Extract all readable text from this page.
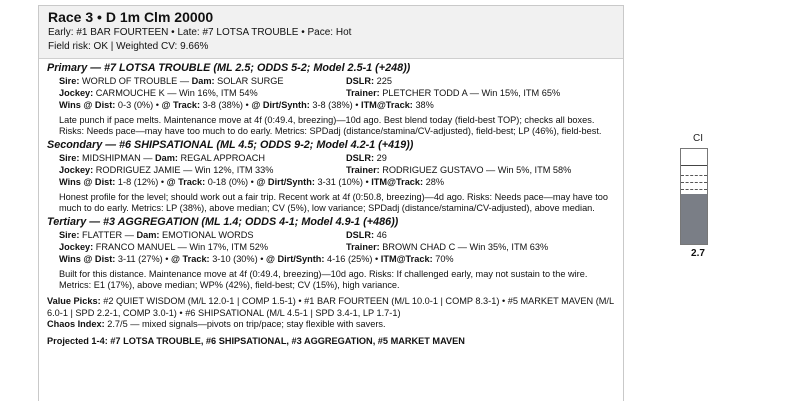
Race 3 • D 1m Clm 20000
Early: #1 BAR FOURTEEN • Late: #7 LOTSA TROUBLE • Pace: Hot
Field risk: OK | Weighted CV: 9.66%
Primary — #7 LOTSA TROUBLE (ML 2.5; ODDS 5-2; Model 2.5-1 (+248))
Sire: WORLD OF TROUBLE — Dam: SOLAR SURGE	DSLR: 225
Jockey: CARMOUCHE K — Win 16%, ITM 54%	Trainer: PLETCHER TODD A — Win 15%, ITM 65%
Wins @ Dist: 0-3 (0%) • @ Track: 3-8 (38%) • @ Dirt/Synth: 3-8 (38%) • ITM@Track: 38%
Late punch if pace melts. Maintenance move at 4f (0:49.4, breezing)—10d ago. Best blend today (field-best TOP); checks all boxes. Risks: Needs pace—may have too much to do early. Metrics: SPDadj (distance/stamina/CV-adjusted), field-best; LP (46%), field-best.
Secondary — #6 SHIPSATIONAL (ML 4.5; ODDS 9-2; Model 4.2-1 (+419))
Sire: MIDSHIPMAN — Dam: REGAL APPROACH	DSLR: 29
Jockey: RODRIGUEZ JAMIE — Win 12%, ITM 33%	Trainer: RODRIGUEZ GUSTAVO — Win 5%, ITM 58%
Wins @ Dist: 1-8 (12%) • @ Track: 0-18 (0%) • @ Dirt/Synth: 3-31 (10%) • ITM@Track: 28%
Honest profile for the level; should work out a fair trip. Recent work at 4f (0:50.8, breezing)—4d ago. Risks: Needs pace—may have too much to do early. Metrics: LP (38%), above median; CV (5%), low variance; SPDadj (distance/stamina/CV-adjusted), above median.
Tertiary — #3 AGGREGATION (ML 1.4; ODDS 4-1; Model 4.9-1 (+486))
Sire: FLATTER — Dam: EMOTIONAL WORDS	DSLR: 46
Jockey: FRANCO MANUEL — Win 17%, ITM 52%	Trainer: BROWN CHAD C — Win 35%, ITM 63%
Wins @ Dist: 3-11 (27%) • @ Track: 3-10 (30%) • @ Dirt/Synth: 4-16 (25%) • ITM@Track: 70%
Built for this distance. Maintenance move at 4f (0:49.4, breezing)—10d ago. Risks: If challenged early, may not sustain to the wire. Metrics: E1 (17%), above median; WP% (42%), field-best; CV (15%), high variance.
Value Picks: #2 QUIET WISDOM (M/L 12.0-1 | COMP 1.5-1) • #1 BAR FOURTEEN (M/L 10.0-1 | COMP 8.3-1) • #5 MARKET MAVEN (M/L 6.0-1 | SPD 2.2-1, COMP 3.0-1) • #6 SHIPSATIONAL (M/L 4.5-1 | SPD 3.4-1, LP 1.7-1)
Chaos Index: 2.7/5 — mixed signals—pivots on trip/pace; stay flexible with savers.
Projected 1-4: #7 LOTSA TROUBLE, #6 SHIPSATIONAL, #3 AGGREGATION, #5 MARKET MAVEN
CI
2.7
